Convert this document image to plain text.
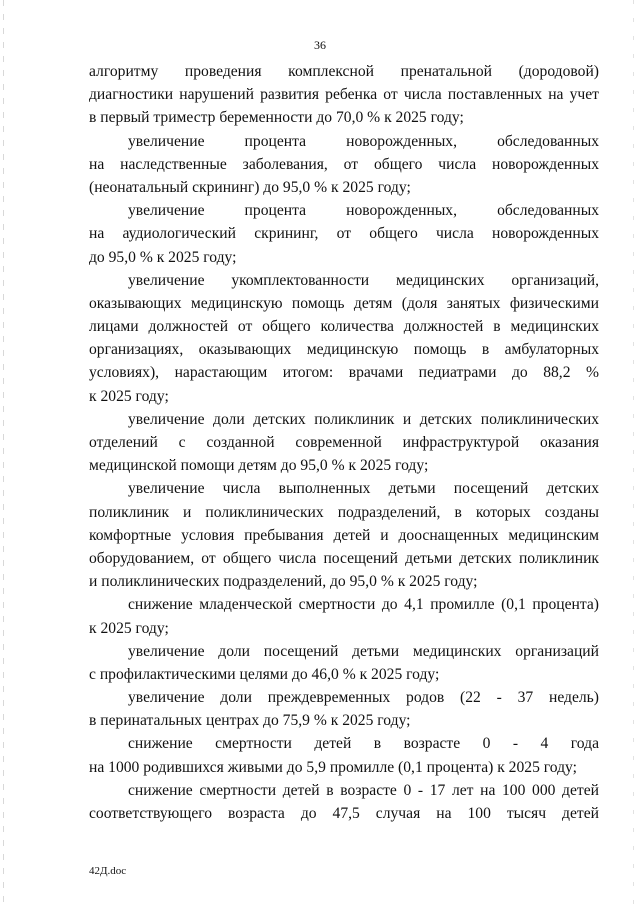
36
алгоритму проведения комплексной пренатальной (дородовой)
диагностики нарушений развития ребенка от числа поставленных на учет
в первый триместр беременности до 70,0 % к 2025 году;
увеличение процента новорожденных, обследованных
на наследственные заболевания, от общего числа новорожденных
(неонатальный скрининг) до 95,0 % к 2025 году;
увеличение процента новорожденных, обследованных
на аудиологический скрининг, от общего числа новорожденных
до 95,0 % к 2025 году;
увеличение укомплектованности медицинских организаций,
оказывающих медицинскую помощь детям (доля занятых физическими
лицами должностей от общего количества должностей в медицинских
организациях, оказывающих медицинскую помощь в амбулаторных
условиях), нарастающим итогом: врачами педиатрами до 88,2 %
к 2025 году;
увеличение доли детских поликлиник и детских поликлинических
отделений с созданной современной инфраструктурой оказания
медицинской помощи детям до 95,0 % к 2025 году;
увеличение числа выполненных детьми посещений детских
поликлиник и поликлинических подразделений, в которых созданы
комфортные условия пребывания детей и дооснащенных медицинским
оборудованием, от общего числа посещений детьми детских поликлиник
и поликлинических подразделений, до 95,0 % к 2025 году;
снижение младенческой смертности до 4,1 промилле (0,1 процента)
к 2025 году;
увеличение доли посещений детьми медицинских организаций
с профилактическими целями до 46,0 % к 2025 году;
увеличение доли преждевременных родов (22 - 37 недель)
в перинатальных центрах до 75,9 % к 2025 году;
снижение смертности детей в возрасте 0 - 4 года
на 1000 родившихся живыми до 5,9 промилле (0,1 процента) к 2025 году;
снижение смертности детей в возрасте 0 - 17 лет на 100 000 детей
соответствующего возраста до 47,5 случая на 100 тысяч детей
42Д.doc
